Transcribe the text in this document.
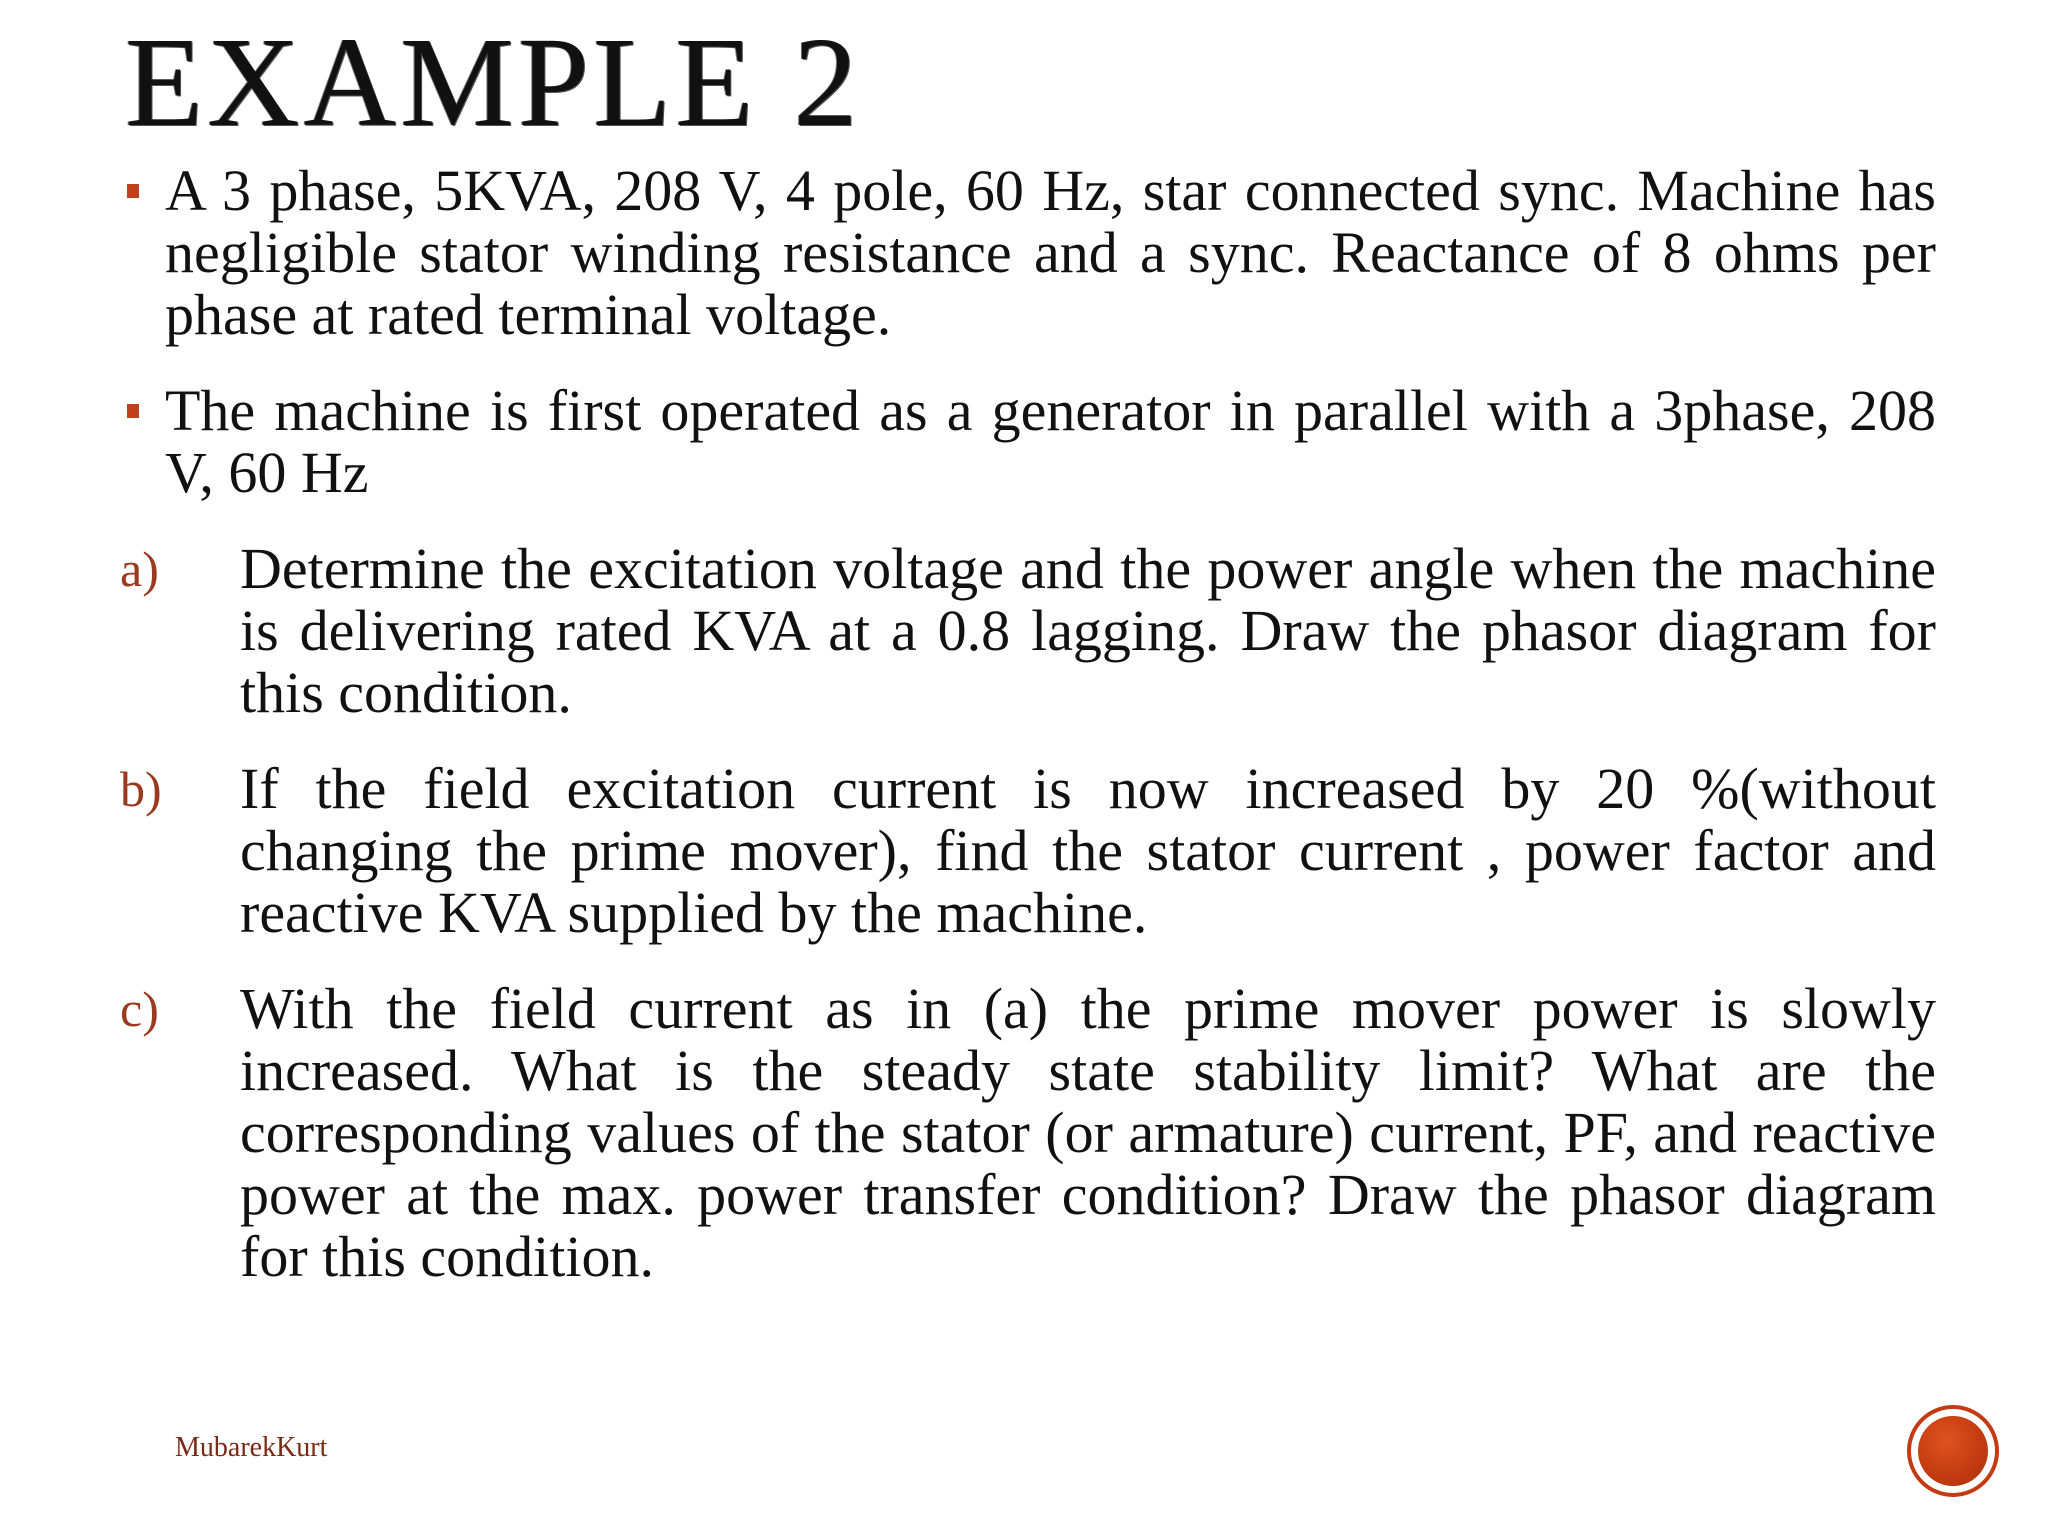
EXAMPLE 2
A 3 phase, 5KVA, 208 V, 4 pole, 60 Hz, star connected sync. Machine has negligible stator winding resistance and a sync. Reactance of 8 ohms per phase at rated terminal voltage.
The machine is first operated as a generator in parallel with a 3phase, 208 V, 60 Hz
a) Determine the excitation voltage and the power angle when the machine is delivering rated KVA at a 0.8 lagging. Draw the phasor diagram for this condition.
b) If the field excitation current is now increased by 20 %(without changing the prime mover), find the stator current , power factor and reactive KVA supplied by the machine.
c) With the field current as in (a) the prime mover power is slowly increased. What is the steady state stability limit? What are the corresponding values of the stator (or armature) current, PF, and reactive power at the max. power transfer condition? Draw the phasor diagram for this condition.
MubarekKurt
